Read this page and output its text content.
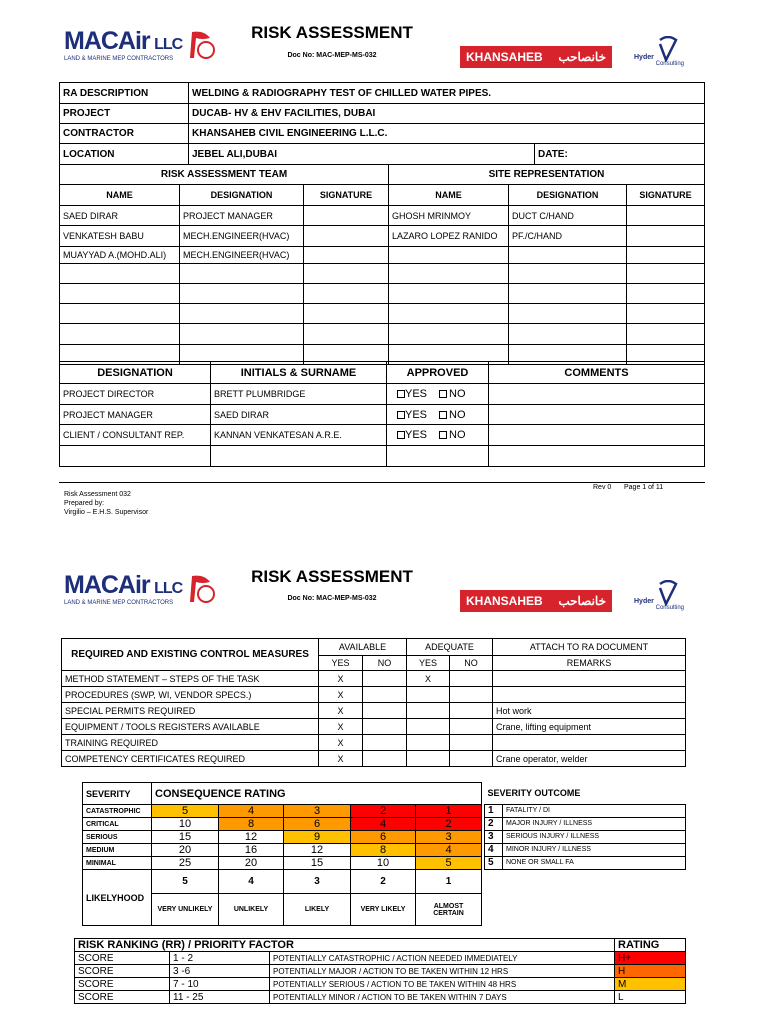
MACAir LLC
LAND & MARINE MEP CONTRACTORS
RISK ASSESSMENT
Doc No: MAC-MEP-MS-032	KHANSAHEB خانصاحب	Hyder
Consulting
RA DESCRIPTION	WELDING & RADIOGRAPHY TEST OF CHILLED WATER PIPES.	
PROJECT	DUCAB- HV & EHV FACILITIES, DUBAI	
CONTRACTOR	KHANSAHEB CIVIL ENGINEERING L.L.C.	
LOCATION	JEBEL ALI,DUBAI	DATE:
RISK ASSESSMENT TEAM			SITE REPRESENTATION		
NAME	DESIGNATION	SIGNATURE	NAME	DESIGNATION	SIGNATURE
SAED DIRAR	PROJECT MANAGER		GHOSH MRINMOY	DUCT C/HAND	
VENKATESH BABU	MECH.ENGINEER(HVAC)		LAZARO LOPEZ RANIDO	PF./C/HAND	
MUAYYAD A.(MOHD.ALI)	MECH.ENGINEER(HVAC)				

DESIGNATION	INITIALS & SURNAME	APPROVED	COMMENTS
PROJECT DIRECTOR	BRETT PLUMBRIDGE	YES NO	
PROJECT MANAGER	SAED DIRAR	YES NO	
CLIENT / CONSULTANT REP.	KANNAN VENKATESAN A.R.E.	YES NO	

Risk Assessment 032
Prepared by:
Virgilio – E.H.S. Supervisor
Rev 0 Page 1 of 11
MACAir LLC
LAND & MARINE MEP CONTRACTORS
RISK ASSESSMENT
Doc No: MAC-MEP-MS-032	KHANSAHEB خانصاحب	Hyder
Consulting
REQUIRED AND EXISTING CONTROL MEASURES	AVAILABLE		ADEQUATE		ATTACH TO RA DOCUMENT
	YES	NO	YES	NO	REMARKS
METHOD STATEMENT – STEPS OF THE TASK	X		X		
PROCEDURES (SWP, WI, VENDOR SPECS.)	X				
SPECIAL PERMITS REQUIRED	X				Hot work
EQUIPMENT / TOOLS REGISTERS AVAILABLE	X				Crane, lifting equipment
TRAINING REQUIRED	X				
COMPETENCY CERTIFICATES REQUIRED	X				Crane operator, welder
SEVERITY	CONSEQUENCE RATING				
CATASTROPHIC	5	4	3	2	1
CRITICAL	10	8	6	4	2
SERIOUS	15	12	9	6	3
MEDIUM	20	16	12	8	4
MINIMAL	25	20	15	10	5
LIKELYHOOD	5	4	3	2	1
	VERY UNLIKELY	UNLIKELY	LIKELY	VERY LIKELY	ALMOST CERTAIN
SEVERITY OUTCOME	
1	FATALITY / DI
2	MAJOR INJURY / ILLNESS
3	SERIOUS INJURY / ILLNESS
4	MINOR INJURY / ILLNESS
5	NONE OR SMALL FA
RISK RANKING (RR) / PRIORITY FACTOR			RATING
SCORE	1 - 2	POTENTIALLY CATASTROPHIC / ACTION NEEDED IMMEDIATELY	H+
SCORE	3 -6	POTENTIALLY MAJOR / ACTION TO BE TAKEN WITHIN 12 HRS	H
SCORE	7 - 10	POTENTIALLY SERIOUS / ACTION TO BE TAKEN WITHIN 48 HRS	M
SCORE	11 - 25	POTENTIALLY MINOR / ACTION TO BE TAKEN WITHIN 7 DAYS	L
